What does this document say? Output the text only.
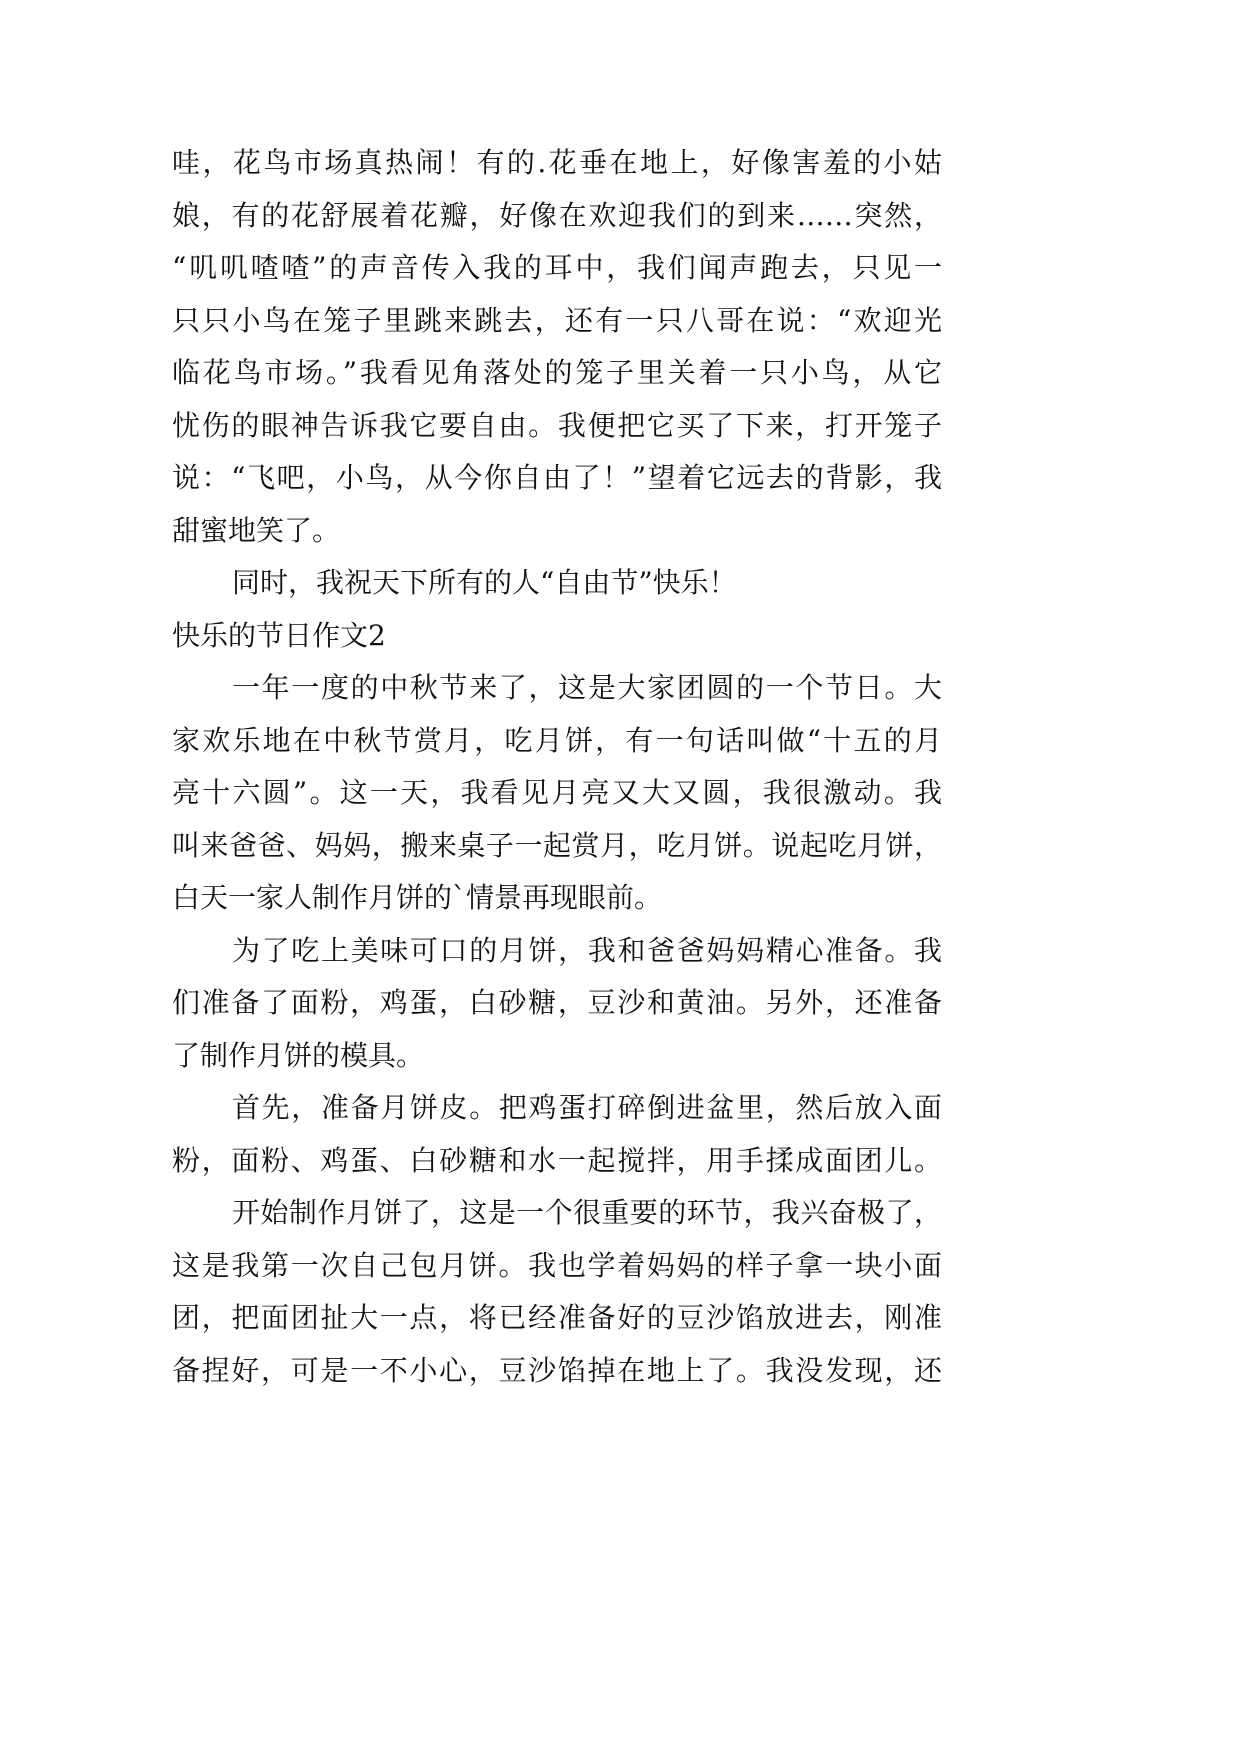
哇，花鸟市场真热闹！有的.花垂在地上，好像害羞的小姑
娘，有的花舒展着花瓣，好像在欢迎我们的到来……突然，
“叽叽喳喳”的声音传入我的耳中，我们闻声跑去，只见一
只只小鸟在笼子里跳来跳去，还有一只八哥在说：“欢迎光
临花鸟市场。”我看见角落处的笼子里关着一只小鸟，从它
忧伤的眼神告诉我它要自由。我便把它买了下来，打开笼子
说：“飞吧，小鸟，从今你自由了！”望着它远去的背影，我
甜蜜地笑了。
同时，我祝天下所有的人“自由节”快乐！
快乐的节日作文2
一年一度的中秋节来了，这是大家团圆的一个节日。大
家欢乐地在中秋节赏月，吃月饼，有一句话叫做“十五的月
亮十六圆”。这一天，我看见月亮又大又圆，我很激动。我
叫来爸爸、妈妈，搬来桌子一起赏月，吃月饼。说起吃月饼，
白天一家人制作月饼的`情景再现眼前。
为了吃上美味可口的月饼，我和爸爸妈妈精心准备。我
们准备了面粉，鸡蛋，白砂糖，豆沙和黄油。另外，还准备
了制作月饼的模具。
首先，准备月饼皮。把鸡蛋打碎倒进盆里，然后放入面
粉，面粉、鸡蛋、白砂糖和水一起搅拌，用手揉成面团儿。
开始制作月饼了，这是一个很重要的环节，我兴奋极了，
这是我第一次自己包月饼。我也学着妈妈的样子拿一块小面
团，把面团扯大一点，将已经准备好的豆沙馅放进去，刚准
备捏好，可是一不小心，豆沙馅掉在地上了。我没发现，还
